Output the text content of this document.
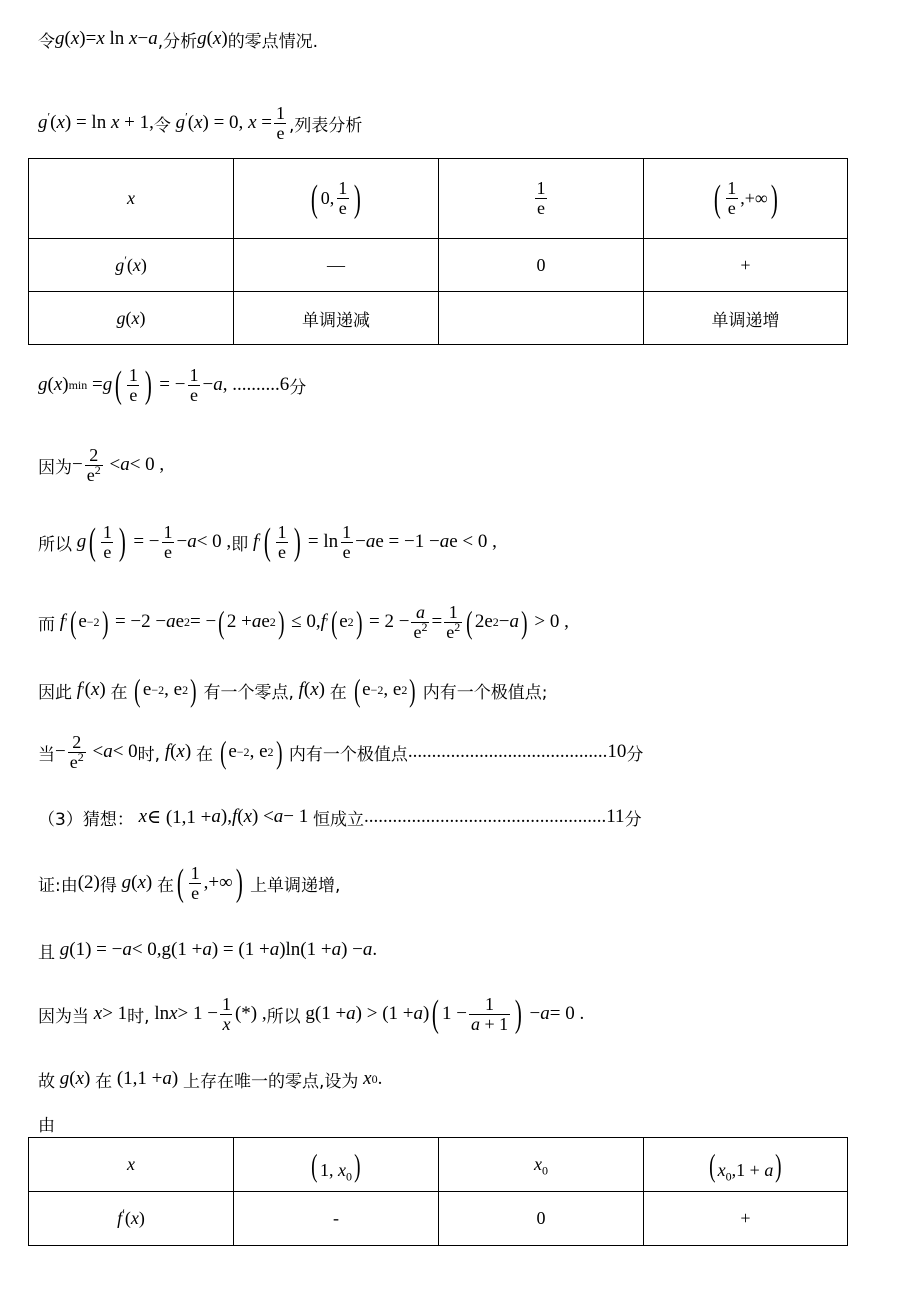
令 g ( x ) = x
ln
x − a ,分析 g ( x ) 的零点情况.
g′(x) = ln x + 1, 令
g′(x) = 0, $x = \frac{1}{e}$ ,列表分析
x	( 0, $\frac{1}{e}$ )	$\frac{1}{e}$	( $\frac{1}{e}$ ,+∞ )

g′(x)	—	0	+
g(x)	单调递减		单调递增
g ( x ) min = g ( $\frac{1}{e}$ ) = − $\frac{1}{e} - a$ , ..........6 分
因为 − $\frac{2}{e^2} < a < 0$ ,
所以
g ( $\frac{1}{e}$ ) = − $\frac{1}{e} - a < 0$ , 即
f ′ ( $\frac{1}{e}$ ) = $\ln \frac{1}{e} - a$ e = −1 − a e < 0 ,
而
f ′ ( e −2 ) = −2 − a e 2 = − ( 2 + a e 2 ) ≤ 0, f ′ ( e 2 ) = $2 - \frac{a}{e^2} = \frac{1}{e^2}$ ( 2e 2 − a ) > 0 ,
因此
f ′ ( x ) 在
( e −2 , e 2 )
有一个零点,
f ( x ) 在
( e −2 , e 2 )
内有一个极值点;
当 − $\frac{2}{e^2} < a < 0$ 时,
f ( x ) 在
( e −2 , e 2 )
内有一个极值点 ..........................................10 分
（3）猜想：
x ∈ (1,1 + a ), f ( x ) < a − 1 恒成立 ...................................................11 分
证:由 (2) 得
g ( x ) 在 ( $\frac{1}{e}$ ,+∞ )
上单调递增,
且
g (1) = − a < 0,g(1 + a ) = (1 + a )ln(1 + a ) − a .
因为当
x > 1 时, $\ln x > 1 - \frac{1}{x}$ (*) , 所以 g(1 + a ) > (1 + a ) ( $1 - \frac{1}{a + 1}$ ) − a = 0 .
故
g ( x ) 在 (1,1 + a ) 上存在唯一的零点,设为
x 0 .
由
x	( 1, $x_0$)	$x_0$	( $x_0,1 + a$)
f′(x)	-	0	+
